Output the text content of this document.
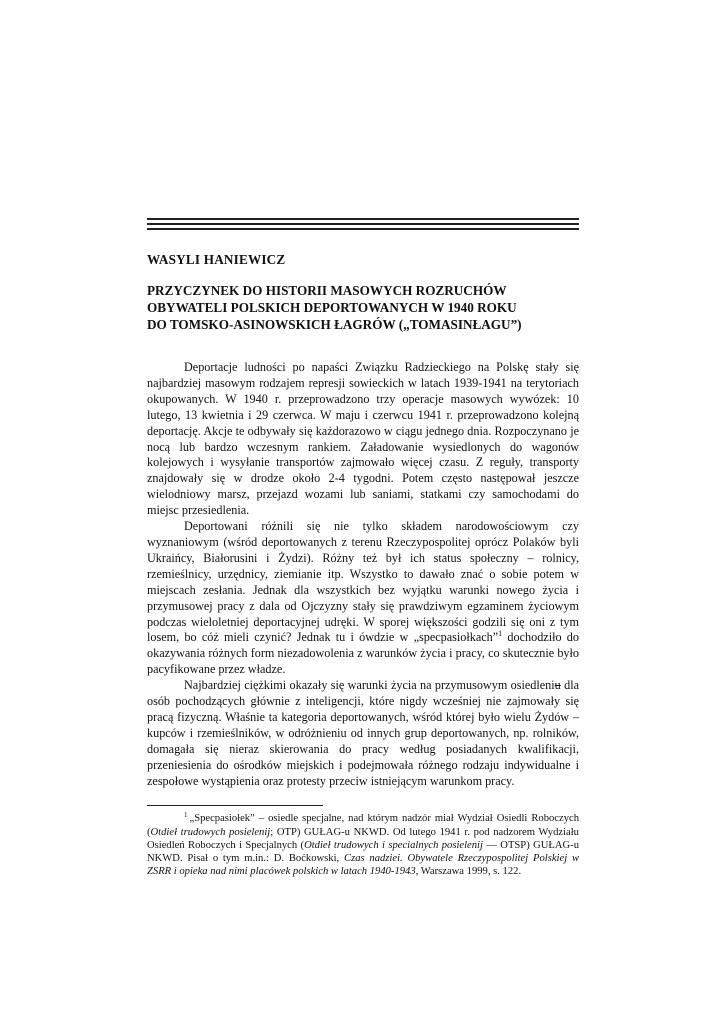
WASYLI HANIEWICZ
PRZYCZYNEK DO HISTORII MASOWYCH ROZRUCHÓW
OBYWATELI POLSKICH DEPORTOWANYCH W 1940 ROKU
DO TOMSKO-ASINOWSKICH ŁAGRÓW („TOMASINŁAGU”)

Deportacje ludności po napaści Związku Radzieckiego na Polskę stały się najbardziej masowym rodzajem represji sowieckich w latach 1939-1941 na terytoriach okupowanych. W 1940 r. przeprowadzono trzy operacje masowych wywózek: 10 lutego, 13 kwietnia i 29 czerwca. W maju i czerwcu 1941 r. przeprowadzono kolejną deportację. Akcje te odbywały się każdorazowo w ciągu jednego dnia. Rozpoczynano je nocą lub bardzo wczesnym rankiem. Załadowanie wysiedlonych do wagonów kolejowych i wysyłanie transportów zajmowało więcej czasu. Z reguły, transporty znajdowały się w drodze około 2-4 tygodni. Potem często następował jeszcze wielodniowy marsz, przejazd wozami lub saniami, statkami czy samochodami do miejsc przesiedlenia.

Deportowani różnili się nie tylko składem narodowościowym czy wyznaniowym (wśród deportowanych z terenu Rzeczypospolitej oprócz Polaków byli Ukraińcy, Białorusini i Żydzi). Różny też był ich status społeczny – rolnicy, rzemieślnicy, urzędnicy, ziemianie itp. Wszystko to dawało znać o sobie potem w miejscach zesłania. Jednak dla wszystkich bez wyjątku warunki nowego życia i przymusowej pracy z dala od Ojczyzny stały się prawdziwym egzaminem życiowym podczas wieloletniej deportacyjnej udręki. W sporej większości godzili się oni z tym losem, bo cóż mieli czynić? Jednak tu i ówdzie w „specpasiołkach”$^1$ dochodziło do okazywania różnych form niezadowolenia z warunków życia i pracy, co skutecznie było pacyfikowane przez władze.

Najbardziej ciężkimi okazały się warunki życia na przymusowym osiedleniu dla osób pochodzących głównie z inteligencji, które nigdy wcześniej nie zajmowały się pracą fizyczną. Właśnie ta kategoria deportowanych, wśród której było wielu Żydów – kupców i rzemieślników, w odróżnieniu od innych grup deportowanych, np. rolników, domagała się nieraz skierowania do pracy według posiadanych kwalifikacji, przeniesienia do ośrodków miejskich i podejmowała różnego rodzaju indywidualne i zespołowe wystąpienia oraz protesty przeciw istniejącym warunkom pracy.

$^1$ „Specpasiołek” – osiedle specjalne, nad którym nadzór miał Wydział Osiedli Roboczych (Otdieł trudowych posielenij; OTP) GUŁAG-u NKWD. Od lutego 1941 r. pod nadzorem Wydziału Osiedleń Roboczych i Specjalnych (Otdieł trudowych i specialnych posielenij — OTSP) GUŁAG-u NKWD. Pisał o tym m.in.: D. Boćkowski, Czas nadziei. Obywatele Rzeczypospolitej Polskiej w ZSRR i opieka nad nimi placówek polskich w latach 1940-1943, Warszawa 1999, s. 122.
